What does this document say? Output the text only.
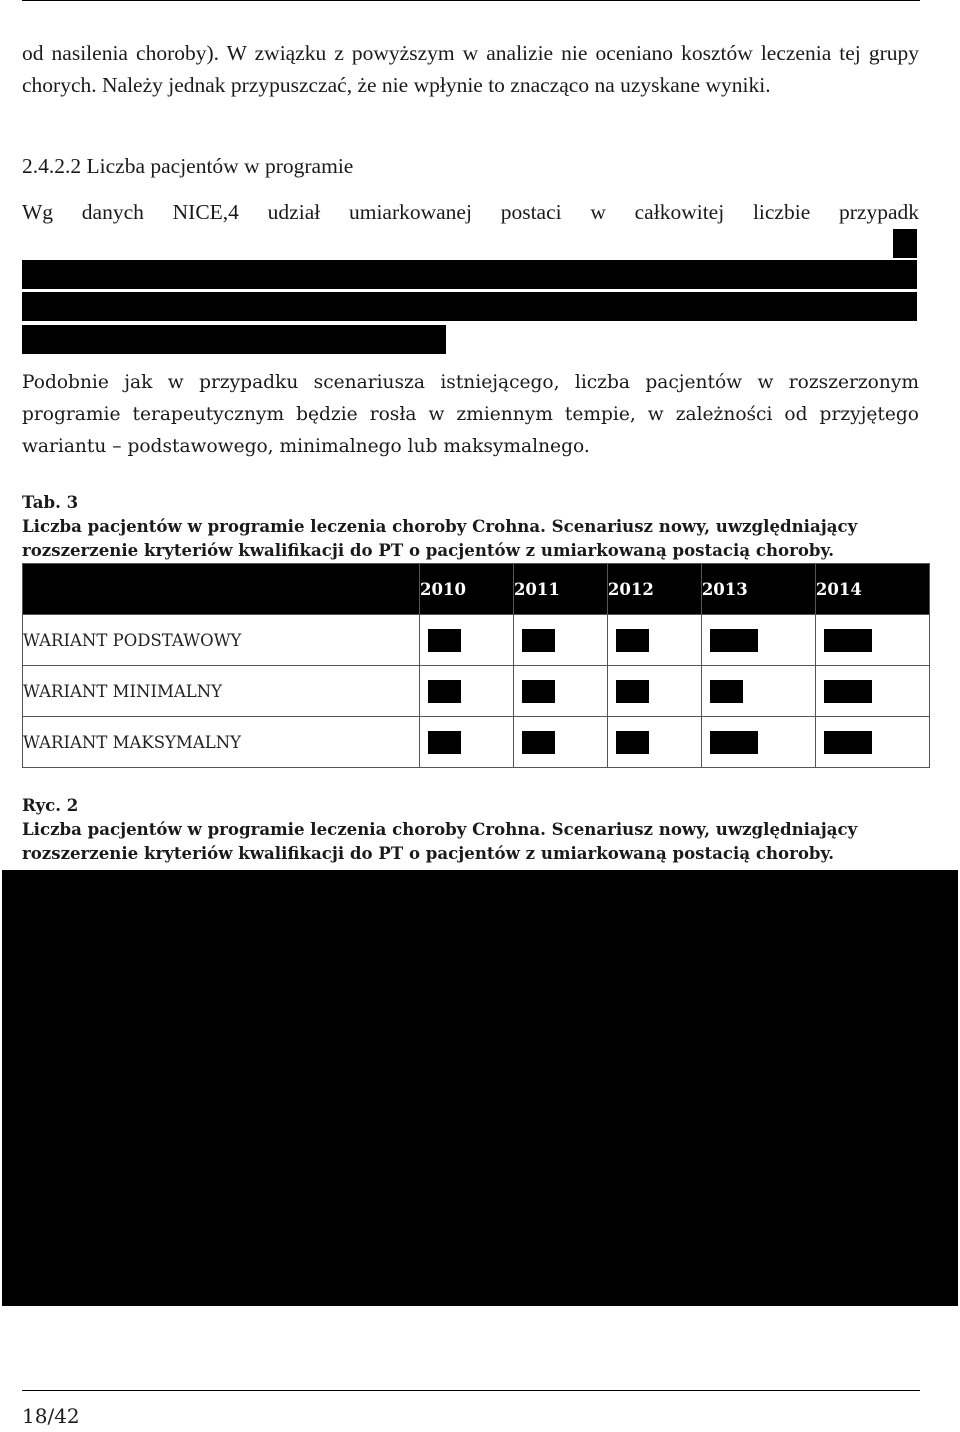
od nasilenia choroby). W związku z powyższym w analizie nie oceniano kosztów leczenia tej grupy chorych. Należy jednak przypuszczać, że nie wpłynie to znacząco na uzyskane wyniki.

2.4.2.2 Liczba pacjentów w programie

Wg danych NICE,4 udział umiarkowanej postaci w całkowitej liczbie przypadk

Podobnie jak w przypadku scenariusza istniejącego, liczba pacjentów w rozszerzonym programie terapeutycznym będzie rosła w zmiennym tempie, w zależności od przyjętego wariantu – podstawowego, minimalnego lub maksymalnego.

Tab. 3
Liczba pacjentów w programie leczenia choroby Crohna. Scenariusz nowy, uwzględniający rozszerzenie kryteriów kwalifikacji do PT o pacjentów z umiarkowaną postacią choroby.

	2010	2011	2012	2013	2014
WARIANT PODSTAWOWY					
WARIANT MINIMALNY					
WARIANT MAKSYMALNY					

Ryc. 2
Liczba pacjentów w programie leczenia choroby Crohna. Scenariusz nowy, uwzględniający rozszerzenie kryteriów kwalifikacji do PT o pacjentów z umiarkowaną postacią choroby.

18/42
